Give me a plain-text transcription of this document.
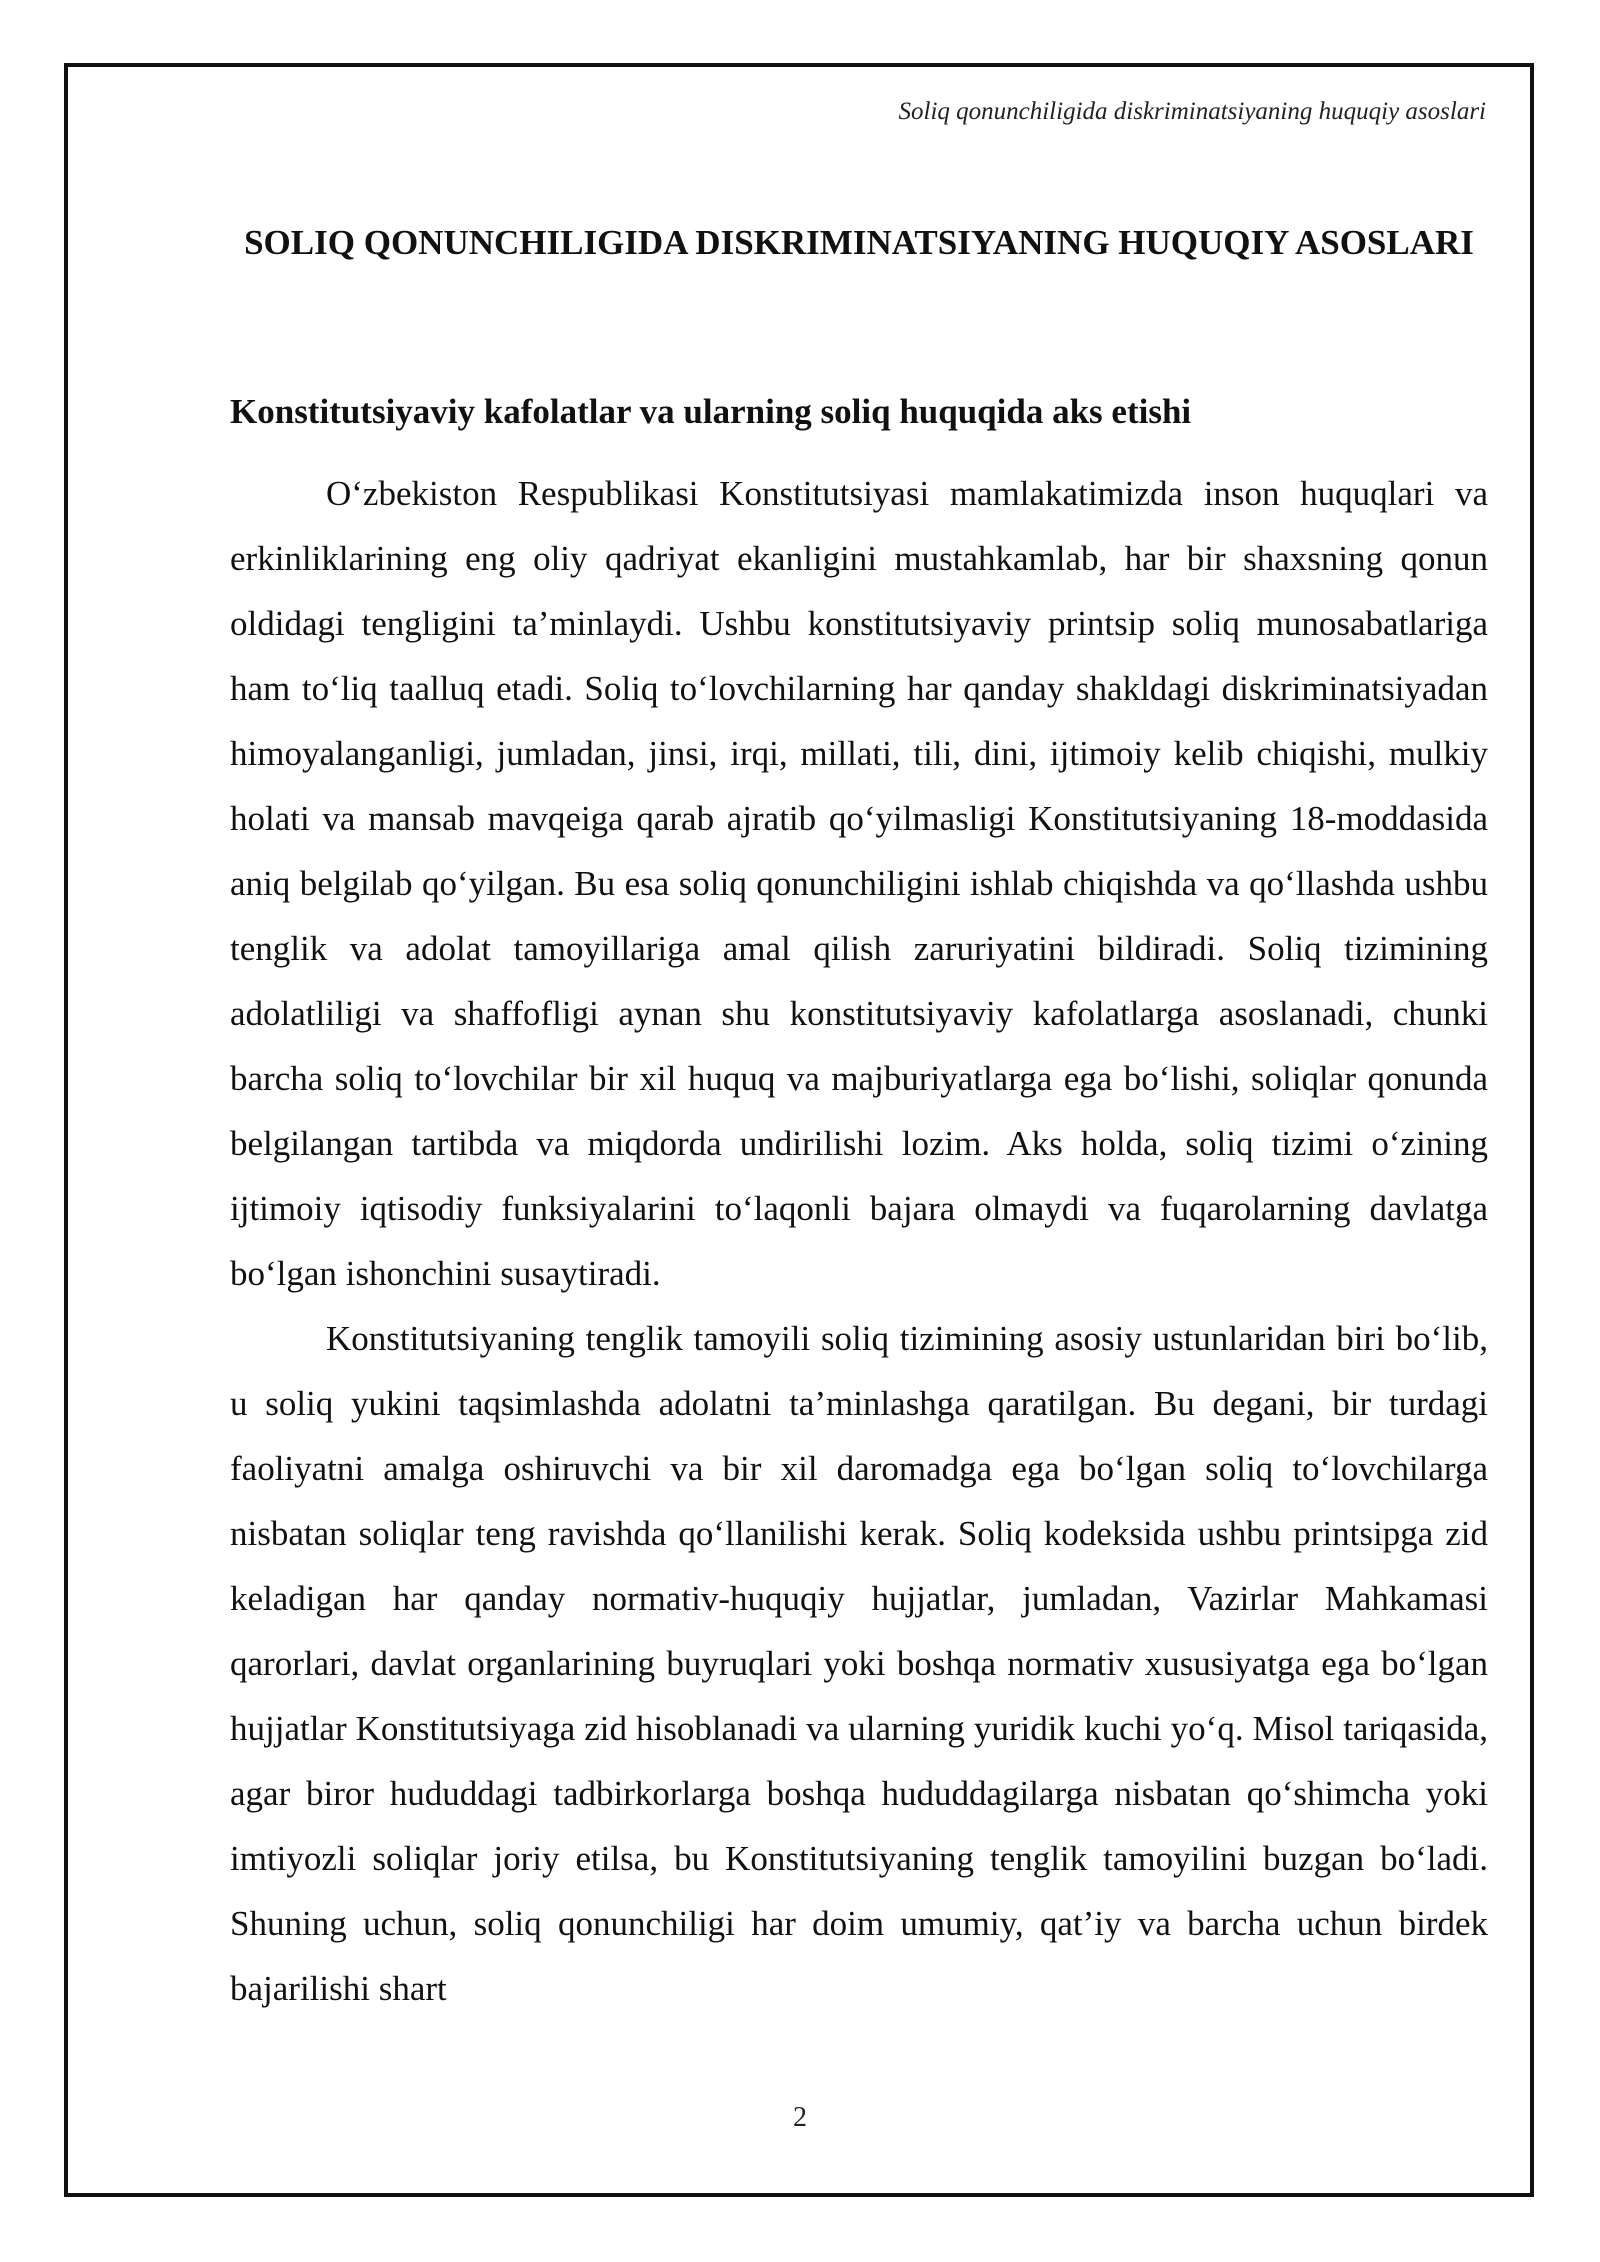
Soliq qonunchiligida diskriminatsiyaning huquqiy asoslari
SOLIQ QONUNCHILIGIDA DISKRIMINATSIYANING HUQUQIY ASOSLARI
Konstitutsiyaviy kafolatlar va ularning soliq huquqida aks etishi

O‘zbekiston Respublikasi Konstitutsiyasi mamlakatimizda inson huquqlari va erkinliklarining eng oliy qadriyat ekanligini mustahkamlab, har bir shaxsning qonun oldidagi tengligini ta’minlaydi. Ushbu konstitutsiyaviy printsip soliq munosabatlariga ham to‘liq taalluq etadi. Soliq to‘lovchilarning har qanday shakldagi diskriminatsiyadan himoyalanganligi, jumladan, jinsi, irqi, millati, tili, dini, ijtimoiy kelib chiqishi, mulkiy holati va mansab mavqeiga qarab ajratib qo‘yilmasligi Konstitutsiyaning 18-moddasida aniq belgilab qo‘yilgan. Bu esa soliq qonunchiligini ishlab chiqishda va qo‘llashda ushbu tenglik va adolat tamoyillariga amal qilish zaruriyatini bildiradi. Soliq tizimining adolatliligi va shaffofligi aynan shu konstitutsiyaviy kafolatlarga asoslanadi, chunki barcha soliq to‘lovchilar bir xil huquq va majburiyatlarga ega bo‘lishi, soliqlar qonunda belgilangan tartibda va miqdorda undirilishi lozim. Aks holda, soliq tizimi o‘zining ijtimoiy iqtisodiy funksiyalarini to‘laqonli bajara olmaydi va fuqarolarning davlatga bo‘lgan ishonchini susaytiradi.

Konstitutsiyaning tenglik tamoyili soliq tizimining asosiy ustunlaridan biri bo‘lib, u soliq yukini taqsimlashda adolatni ta’minlashga qaratilgan. Bu degani, bir turdagi faoliyatni amalga oshiruvchi va bir xil daromadga ega bo‘lgan soliq to‘lovchilarga nisbatan soliqlar teng ravishda qo‘llanilishi kerak. Soliq kodeksida ushbu printsipga zid keladigan har qanday normativ-huquqiy hujjatlar, jumladan, Vazirlar Mahkamasi qarorlari, davlat organlarining buyruqlari yoki boshqa normativ xususiyatga ega bo‘lgan hujjatlar Konstitutsiyaga zid hisoblanadi va ularning yuridik kuchi yo‘q. Misol tariqasida, agar biror hududdagi tadbirkorlarga boshqa hududdagilarga nisbatan qo‘shimcha yoki imtiyozli soliqlar joriy etilsa, bu Konstitutsiyaning tenglik tamoyilini buzgan bo‘ladi. Shuning uchun, soliq qonunchiligi har doim umumiy, qat’iy va barcha uchun birdek bajarilishi shart

2
